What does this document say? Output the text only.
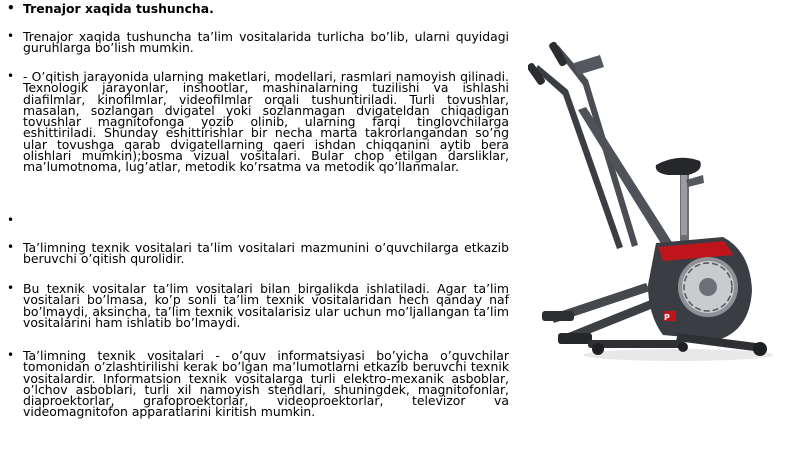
• Trenajor xaqida tushuncha.

• Trenajor xaqida tushuncha ta’lim vositalarida turlicha bo’lib, ularni quyidagi guruhlarga bo’lish mumkin.

• - O’qitish jarayonida ularning maketlari, modellari, rasmlari namoyish qilinadi. Texnologik jarayonlar, inshootlar, mashinalarning tuzilishi va ishlashi diafilmlar, kinofilmlar, videofilmlar orqali tushuntiriladi. Turli tovushlar, masalan, sozlangan dvigatel yoki sozlanmagan dvigateldan chiqadigan tovushlar magnitofonga yozib olinib, ularning farqi tinglovchilarga eshittiriladi. Shunday eshittirishlar bir necha marta takrorlangandan so’ng ular tovushga qarab dvigatellarning qaeri ishdan chiqqanini aytib bera olishlari mumkin);bosma vizual vositalari. Bular chop etilgan darsliklar, ma’lumotnoma, lug’atlar, metodik ko’rsatma va metodik qo’llanmalar.

•

• Ta’limning texnik vositalari ta’lim vositalari mazmunini o’quvchilarga etkazib beruvchi o’qitish qurolidir.

• Bu texnik vositalar ta’lim vositalari bilan birgalikda ishlatiladi. Agar ta’lim vositalari bo’lmasa, ko’p sonli ta’lim texnik vositalaridan hech qanday naf bo’lmaydi, aksincha, ta’lim texnik vositalarisiz ular uchun mo’ljallangan ta’lim vositalarini ham ishlatib bo’lmaydi.

• Ta’limning texnik vositalari - o’quv informatsiyasi bo’yicha o’quvchilar tomonidan o’zlashtirilishi kerak bo’lgan ma’lumotlarni etkazib beruvchi texnik vositalardir. Informatsion texnik vositalarga turli elektro-mexanik asboblar, o’lchov asboblari, turli xil namoyish stendlari, shuningdek, magnitofonlar, diaproektorlar, grafoproektorlar, videoproektorlar, televizor va videomagnitofon apparatlarini kiritish mumkin.

P
